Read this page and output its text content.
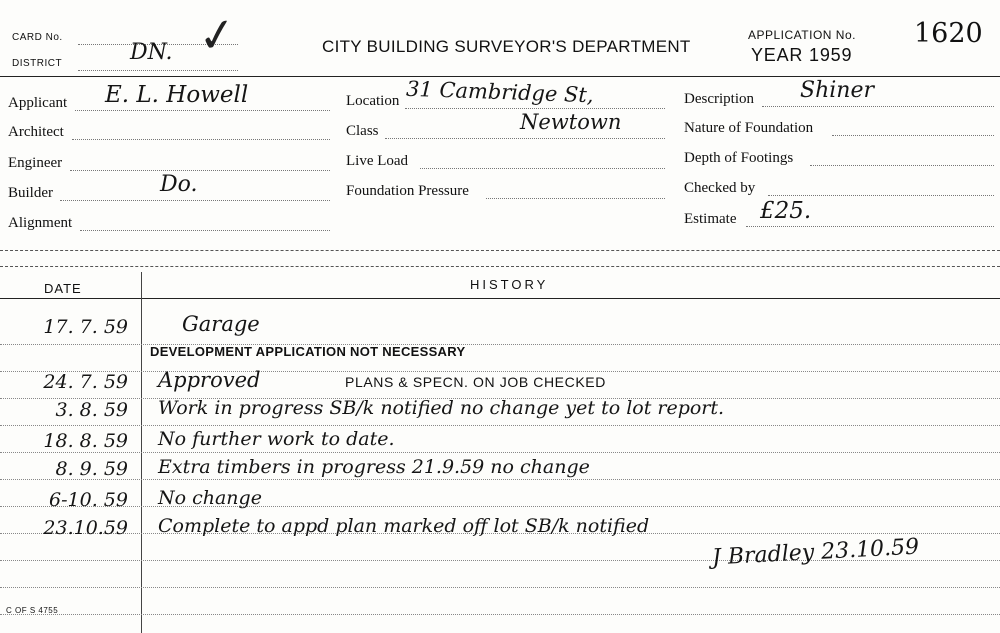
CARD No.
DISTRICT	DN. ✓	CITY BUILDING SURVEYOR'S DEPARTMENT
APPLICATION No. 1620
YEAR 1959
Applicant E. L. Howell
Architect
Engineer
Builder	Do.
Alignment
Location 31 Cambridge St,
Class	Newtown
Live Load
Foundation Pressure
Description Shiner
Nature of Foundation
Depth of Footings
Checked by
Estimate £25.
DATE	HISTORY
17. 7. 59	Garage
DEVELOPMENT APPLICATION NOT NECESSARY
24. 7. 59 Approved	PLANS & SPECN. ON JOB CHECKED
3. 8. 59 Work in progress SB/k notified no change yet to lot report.
18. 8. 59 No further work to date.
8. 9. 59 Extra timbers in progress 21.9.59 no change
6-10. 59 No change
23.10.59 Complete to appd plan marked off lot SB/k notified
J Bradley 23.10.59
C OF S 4755
